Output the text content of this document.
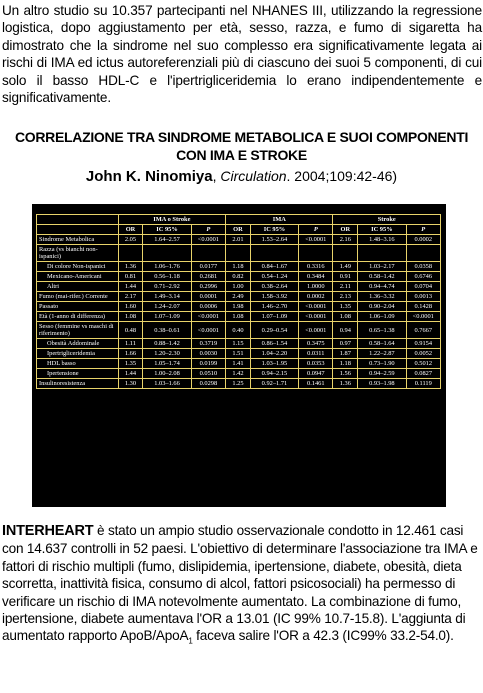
Un altro studio su 10.357 partecipanti nel NHANES III, utilizzando la regressione logistica, dopo aggiustamento per età, sesso, razza, e fumo di sigaretta ha dimostrato che la sindrome nel suo complesso era significativamente legata ai rischi di IMA ed ictus autoreferenziali più di ciascuno dei suoi 5 componenti, di cui solo il basso HDL-C e l'ipertrigliceridemia lo erano indipendentemente e significativamente.
CORRELAZIONE TRA SINDROME METABOLICA E SUOI COMPONENTI CON IMA E STROKE
John K. Ninomiya, Circulation. 2004;109:42-46)
	IMA o Stroke			IMA			Stroke		
	OR	IC 95%	P	OR	IC 95%	P	OR	IC 95%	P
Sindrome Metabolica	2.05	1.64–2.57	<0.0001	2.01	1.53–2.64	<0.0001	2.16	1.48–3.16	0.0002
Razza (vs bianchi non-ispanici)									
Di colore Non-ispanici	1.36	1.06–1.76	0.0177	1.18	0.84–1.67	0.3316	1.49	1.03–2.17	0.0358
Mexicano-Americani	0.81	0.56–1.18	0.2681	0.82	0.54–1.24	0.3484	0.91	0.58–1.42	0.6746
Altri	1.44	0.71–2.92	0.2996	1.00	0.38–2.64	1.0000	2.11	0.94–4.74	0.0704
Fumo (mai-rifer.) Corrente	2.17	1.49–3.14	0.0001	2.49	1.58–3.92	0.0002	2.13	1.36–3.32	0.0013
Passato	1.60	1.24–2.07	0.0006	1.98	1.46–2.70	<0.0001	1.35	0.90–2.04	0.1428
Età (1-anno di differenza)	1.08	1.07–1.09	<0.0001	1.08	1.07–1.09	<0.0001	1.08	1.06–1.09	<0.0001
Sesso (femmine vs maschi di riferimento)	0.48	0.38–0.61	<0.0001	0.40	0.29–0.54	<0.0001	0.94	0.65–1.38	0.7667
Obesità Addominale	1.11	0.88–1.42	0.3719	1.15	0.86–1.54	0.3475	0.97	0.58–1.64	0.9154
Ipertrigliceridemia	1.66	1.20–2.30	0.0030	1.51	1.04–2.20	0.0311	1.87	1.22–2.87	0.0052
HDL basso	1.35	1.05–1.74	0.0199	1.41	1.03–1.95	0.0353	1.18	0.73–1.90	0.5012
Ipertensione	1.44	1.00–2.08	0.0510	1.42	0.94–2.15	0.0947	1.56	0.94–2.59	0.0827
Insulinoresistenza	1.30	1.03–1.66	0.0298	1.25	0.92–1.71	0.1461	1.36	0.93–1.98	0.1119
INTERHEART è stato un ampio studio osservazionale condotto in 12.461 casi con 14.637 controlli in 52 paesi. L'obiettivo di determinare l'associazione tra IMA e fattori di rischio multipli (fumo, dislipidemia, ipertensione, diabete, obesità, dieta scorretta, inattività fisica, consumo di alcol, fattori psicosociali) ha permesso di verificare un rischio di IMA notevolmente aumentato. La combinazione di fumo, ipertensione, diabete aumentava l'OR a 13.01 (IC 99% 10.7-15.8). L'aggiunta di aumentato rapporto ApoB/ApoA$_1$ faceva salire l'OR a 42.3 (IC99% 33.2-54.0).
